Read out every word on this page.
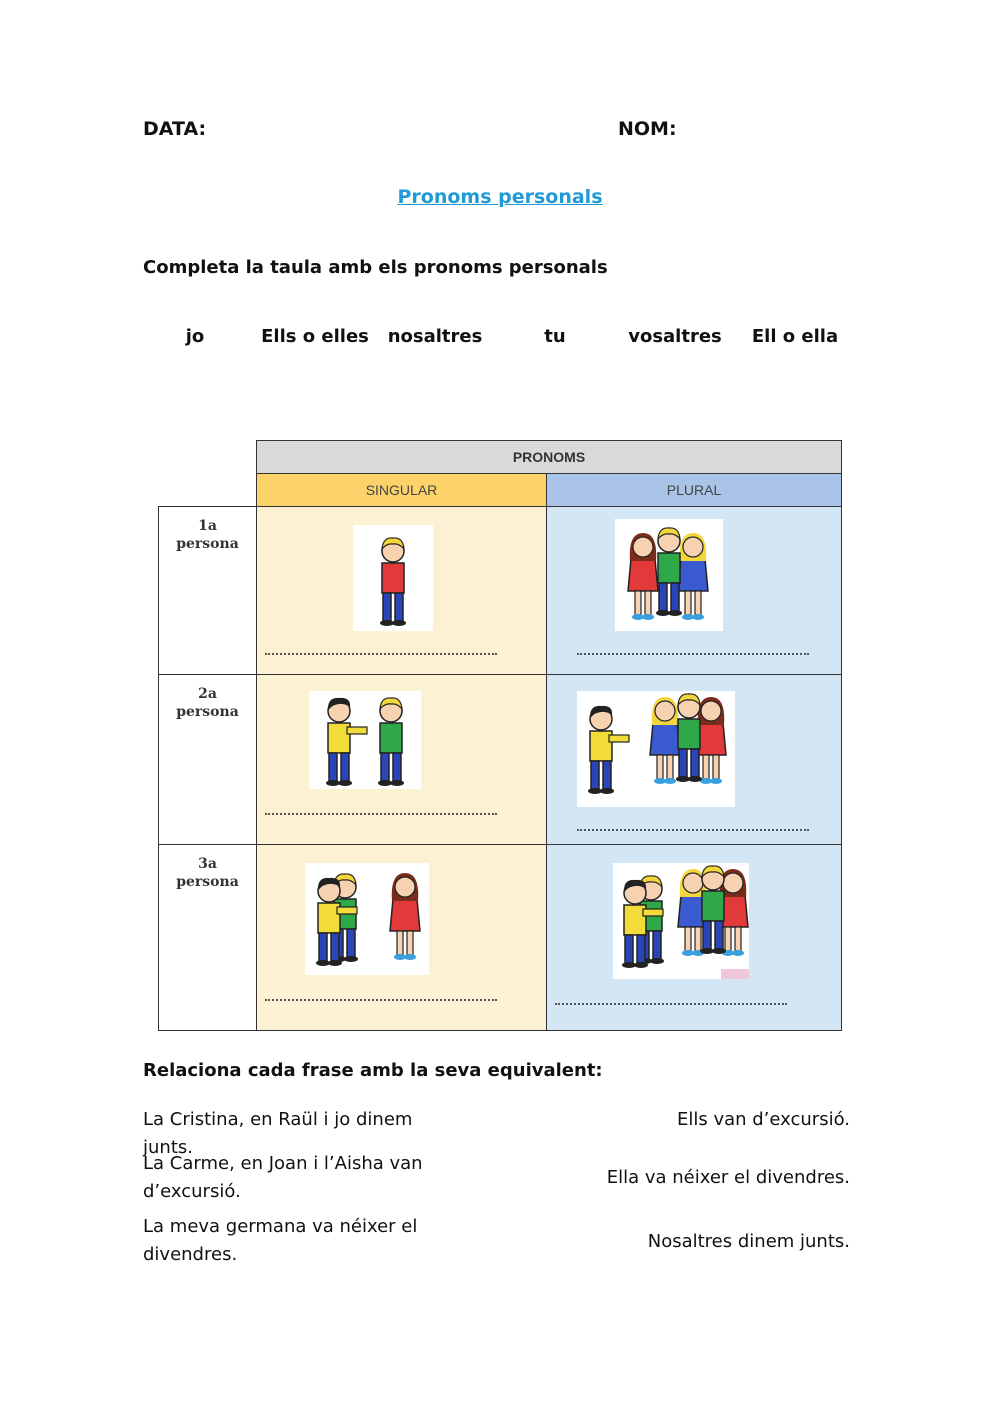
DATA:	NOM:
Pronoms personals
Completa la taula amb els pronoms personals
jo	Ells o elles	nosaltres	tu	vosaltres	Ell o ella
	PRONOMS	
	SINGULAR	PLURAL

1a
persona

2a
persona

3a
persona

Relaciona cada frase amb la seva equivalent:
La Cristina, en Raül i jo dinem junts.
La Carme, en Joan i l’Aisha van d’excursió.
La meva germana va néixer el divendres.
Ells van d’excursió.
Ella va néixer el divendres.
Nosaltres dinem junts.
